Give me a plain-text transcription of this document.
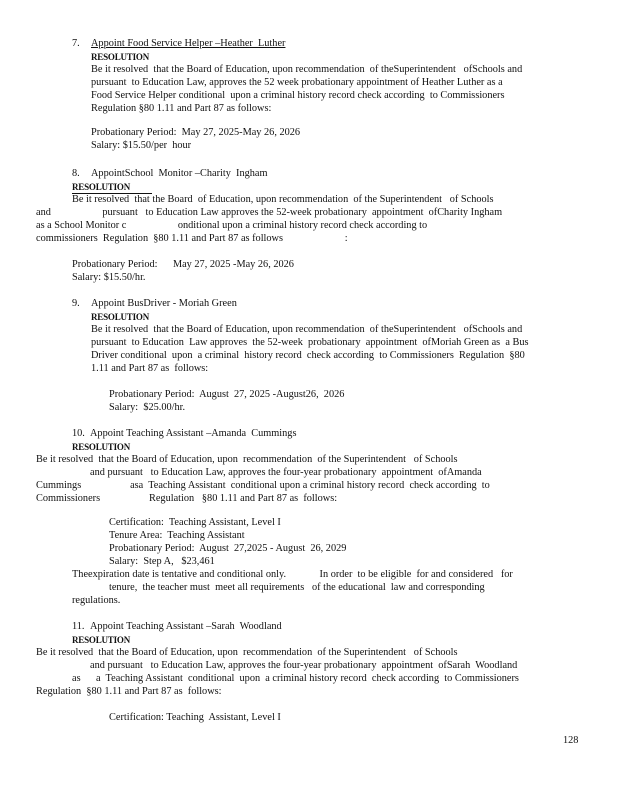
7. Appoint Food Service Helper –Heather  Luther
RESOLUTION
Be it resolved  that the Board of Education, upon recommendation  of theSuperintendent   ofSchools and
pursuant  to Education Law, approves the 52 week probationary appointment of Heather Luther as a
Food Service Helper conditional  upon a criminal history record check according  to Commissioners
Regulation §80 1.11 and Part 87 as follows:
Probationary Period:  May 27, 2025-May 26, 2026
Salary: $15.50/per  hour
8. AppointSchool  Monitor –Charity  Ingham
RESOLUTION
Be it resolved  that the Board  of Education, upon recommendation  of the Superintendent   of Schools
and                    pursuant   to Education Law approves the 52-week probationary  appointment  ofCharity Ingham
as a School Monitor c                    onditional upon a criminal history record check according to
commissioners  Regulation  §80 1.11 and Part 87 as follows                        :
Probationary Period:      May 27, 2025 -May 26, 2026
Salary: $15.50/hr.
9. Appoint BusDriver - Moriah Green
RESOLUTION
Be it resolved  that the Board of Education, upon recommendation  of theSuperintendent   ofSchools and
pursuant  to Education  Law approves  the 52-week  probationary  appointment  ofMoriah Green as  a Bus
Driver conditional  upon  a criminal  history record  check according  to Commissioners  Regulation  §80
1.11 and Part 87 as  follows:
Probationary Period:  August  27, 2025 -August26,  2026
Salary:  $25.00/hr.
10. Appoint Teaching Assistant –Amanda  Cummings
RESOLUTION
Be it resolved  that the Board of Education, upon  recommendation  of the Superintendent   of Schools
and pursuant   to Education Law, approves the four-year probationary  appointment  ofAmanda
Cummings                   asa  Teaching Assistant  conditional upon a criminal history record  check according  to
Commissioners                   Regulation   §80 1.11 and Part 87 as  follows:
Certification:  Teaching Assistant, Level I
Tenure Area:  Teaching Assistant
Probationary Period:  August  27,2025 - August  26, 2029
Salary:  Step A,   $23,461
Theexpiration date is tentative and conditional only.             In order  to be eligible  for and considered   for
tenure,  the teacher must  meet all requirements   of the educational  law and corresponding
regulations.
11. Appoint Teaching Assistant –Sarah  Woodland
RESOLUTION
Be it resolved  that the Board of Education, upon  recommendation  of the Superintendent   of Schools
and pursuant   to Education Law, approves the four-year probationary  appointment  ofSarah  Woodland
as      a  Teaching Assistant  conditional  upon  a criminal history record  check according  to Commissioners
Regulation  §80 1.11 and Part 87 as  follows:
Certification: Teaching  Assistant, Level I
128
